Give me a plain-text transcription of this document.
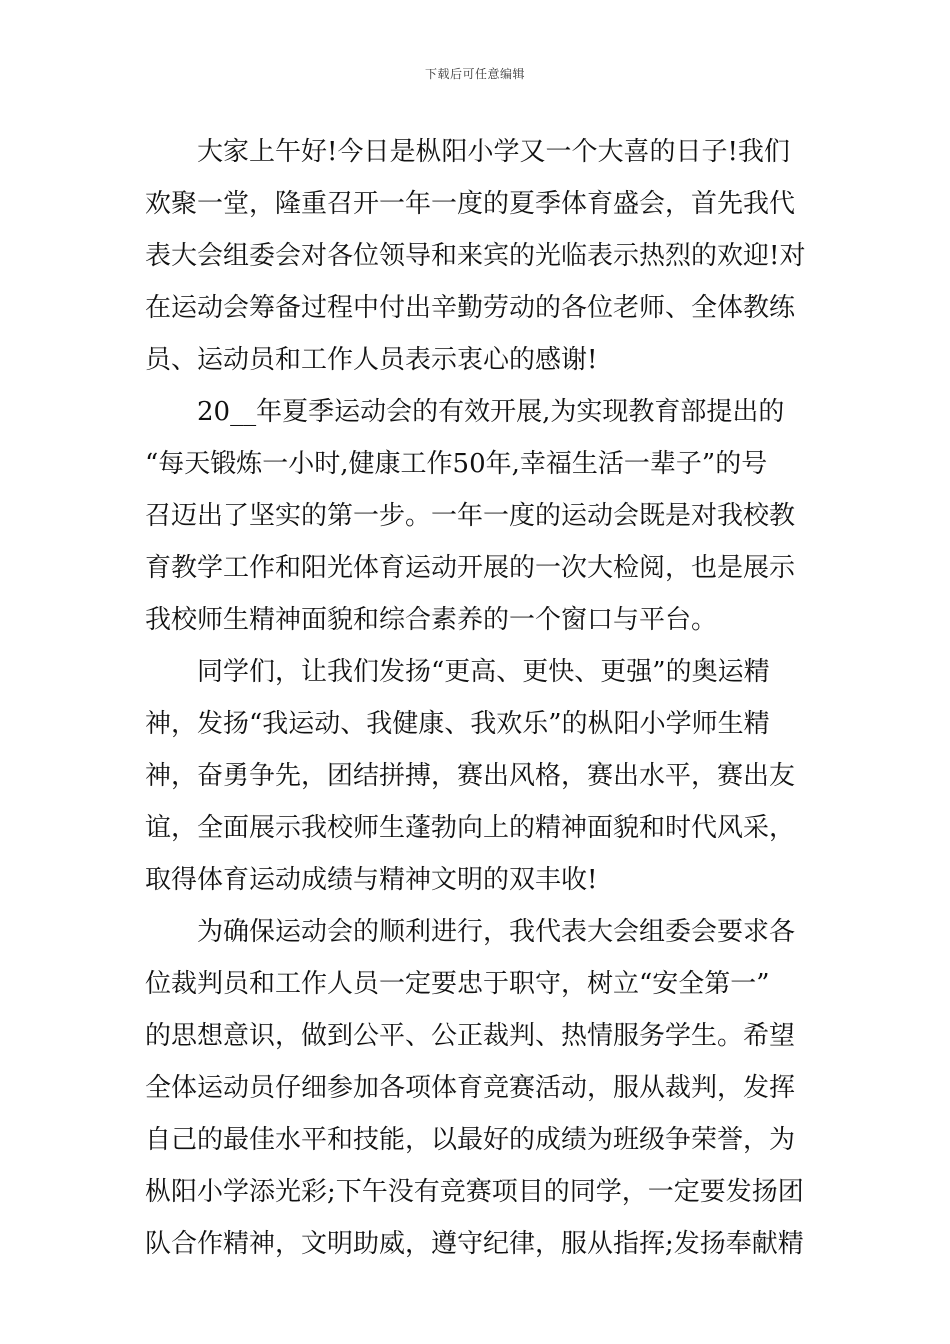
下载后可任意编辑
大家上午好!今日是枞阳小学又一个大喜的日子!我们
欢聚一堂，隆重召开一年一度的夏季体育盛会，首先我代
表大会组委会对各位领导和来宾的光临表示热烈的欢迎!对
在运动会筹备过程中付出辛勤劳动的各位老师、全体教练
员、运动员和工作人员表示衷心的感谢!
20__年夏季运动会的有效开展,为实现教育部提出的
“每天锻炼一小时,健康工作50年,幸福生活一辈子”的号
召迈出了坚实的第一步。一年一度的运动会既是对我校教
育教学工作和阳光体育运动开展的一次大检阅，也是展示
我校师生精神面貌和综合素养的一个窗口与平台。
同学们，让我们发扬“更高、更快、更强”的奥运精
神，发扬“我运动、我健康、我欢乐”的枞阳小学师生精
神，奋勇争先，团结拼搏，赛出风格，赛出水平，赛出友
谊，全面展示我校师生蓬勃向上的精神面貌和时代风采，
取得体育运动成绩与精神文明的双丰收!
为确保运动会的顺利进行，我代表大会组委会要求各
位裁判员和工作人员一定要忠于职守，树立“安全第一”
的思想意识，做到公平、公正裁判、热情服务学生。希望
全体运动员仔细参加各项体育竞赛活动，服从裁判，发挥
自己的最佳水平和技能，以最好的成绩为班级争荣誉，为
枞阳小学添光彩;下午没有竞赛项目的同学，一定要发扬团
队合作精神，文明助威，遵守纪律，服从指挥;发扬奉献精
